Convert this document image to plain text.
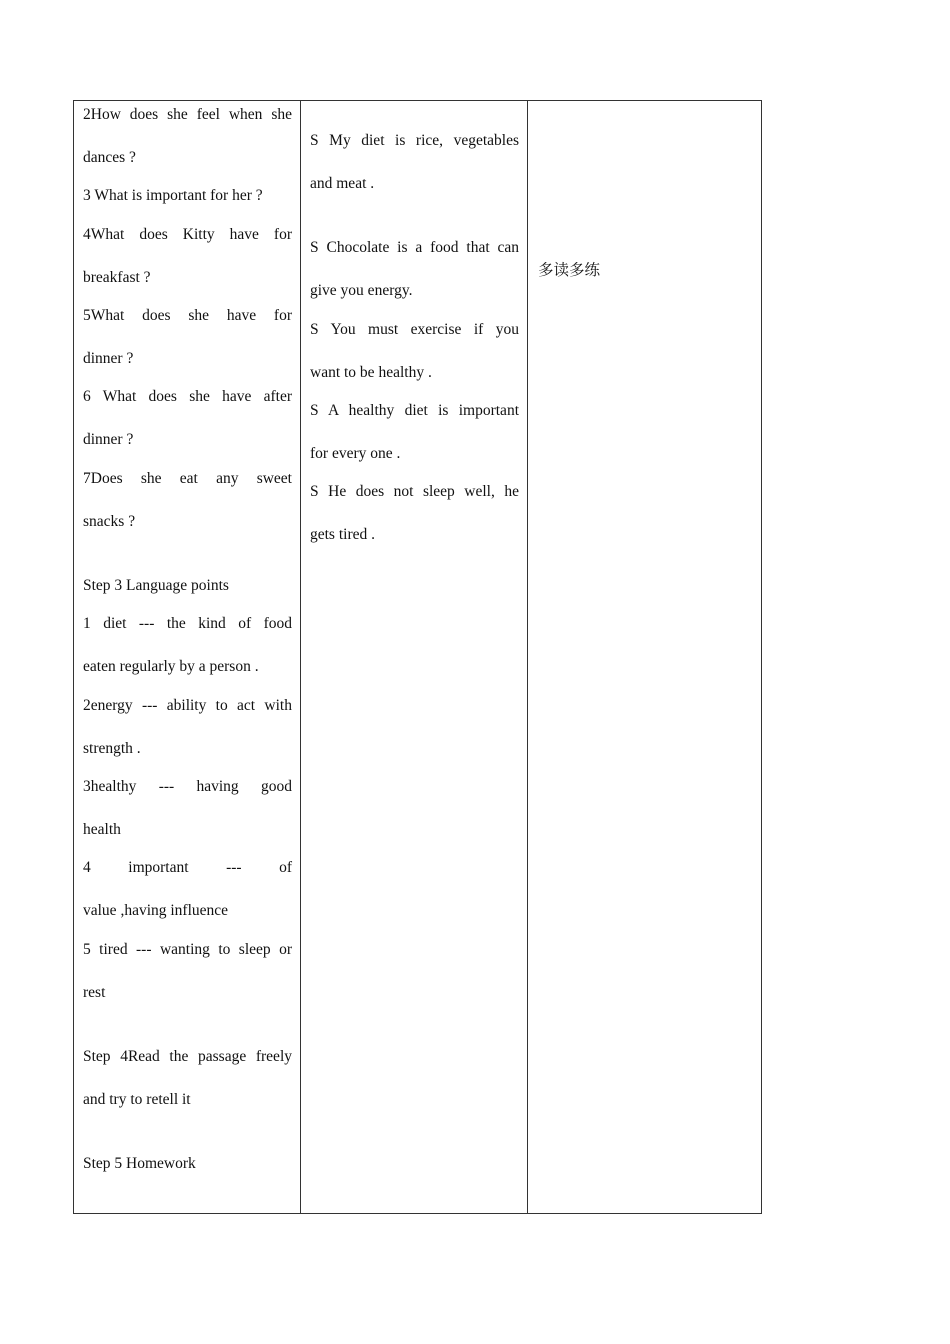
2How does she feel when she
dances ?
3 What is important for her ?
4What does Kitty have for
breakfast ?
5What does she have for
dinner ?
6 What does she have after
dinner ?
7Does she eat any sweet
snacks ?
Step 3 Language points
1 diet --- the kind of food
eaten regularly by a person .
2energy --- ability to act with
strength .
3healthy --- having good
health
4 important --- of
value ,having influence
5 tired --- wanting to sleep or
rest
Step 4Read the passage freely
and try to retell it
Step 5 Homework
S My diet is rice, vegetables
and meat .
S Chocolate is a food that can
give you energy.
S You must exercise if you
want to be healthy .
S A healthy diet is important
for every one .
S He does not sleep well, he
gets tired .
多读多练
